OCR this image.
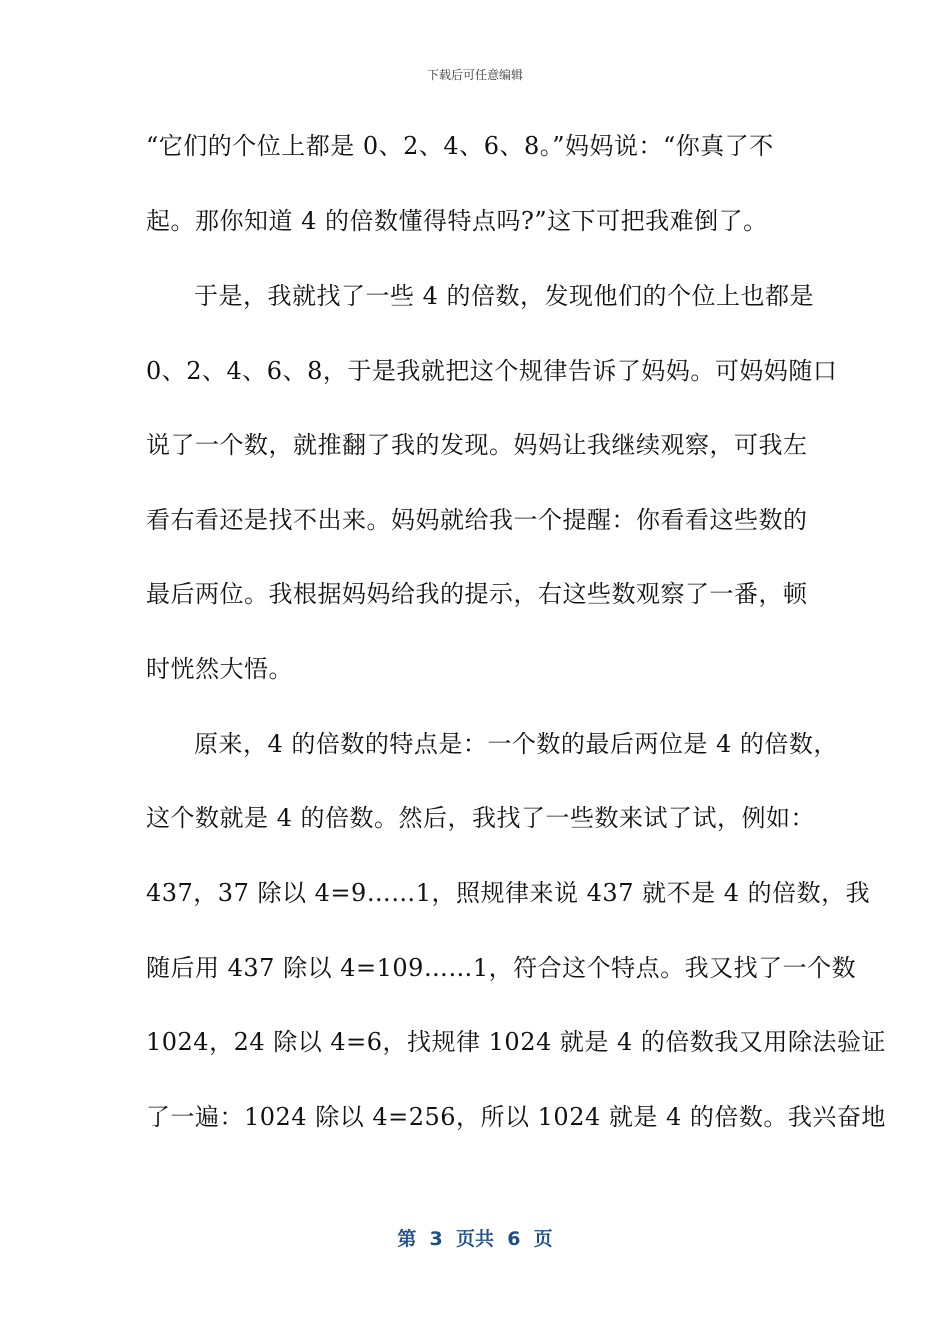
下载后可任意编辑
“它们的个位上都是 0、2、4、6、8。”妈妈说：“你真了不
起。那你知道 4 的倍数懂得特点吗?”这下可把我难倒了。
于是，我就找了一些 4 的倍数，发现他们的个位上也都是
0、2、4、6、8，于是我就把这个规律告诉了妈妈。可妈妈随口
说了一个数，就推翻了我的发现。妈妈让我继续观察，可我左
看右看还是找不出来。妈妈就给我一个提醒：你看看这些数的
最后两位。我根据妈妈给我的提示，右这些数观察了一番，顿
时恍然大悟。
原来，4 的倍数的特点是：一个数的最后两位是 4 的倍数，
这个数就是 4 的倍数。然后，我找了一些数来试了试，例如：
437，37 除以 4=9……1，照规律来说 437 就不是 4 的倍数，我
随后用 437 除以 4=109……1，符合这个特点。我又找了一个数
1024，24 除以 4=6，找规律 1024 就是 4 的倍数我又用除法验证
了一遍：1024 除以 4=256，所以 1024 就是 4 的倍数。我兴奋地
第  3  页共  6  页
